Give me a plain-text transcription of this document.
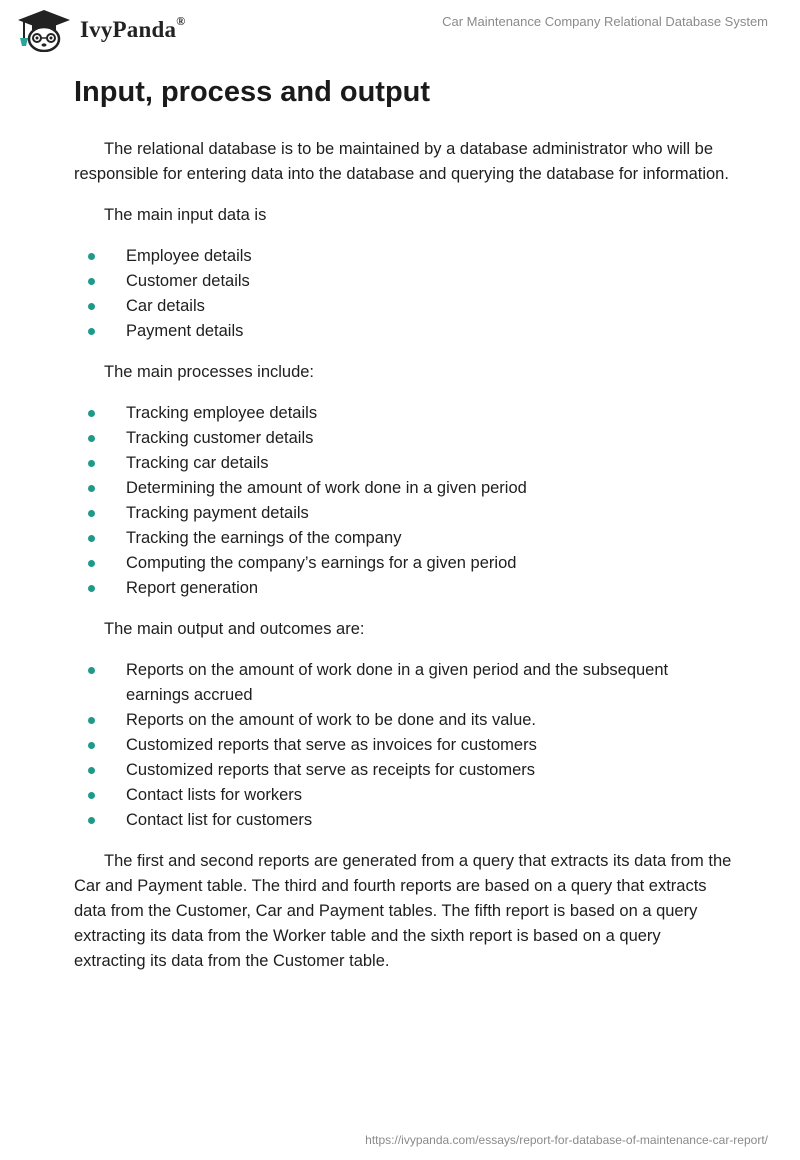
IvyPanda®	Car Maintenance Company Relational Database System
Input, process and output

The relational database is to be maintained by a database administrator who will be responsible for entering data into the database and querying the database for information.

The main input data is

Employee details
Customer details
Car details
Payment details

The main processes include:

Tracking employee details
Tracking customer details
Tracking car details
Determining the amount of work done in a given period
Tracking payment details
Tracking the earnings of the company
Computing the company’s earnings for a given period
Report generation

The main output and outcomes are:

Reports on the amount of work done in a given period and the subsequent earnings accrued
Reports on the amount of work to be done and its value.
Customized reports that serve as invoices for customers
Customized reports that serve as receipts for customers
Contact lists for workers
Contact list for customers

The first and second reports are generated from a query that extracts its data from the Car and Payment table. The third and fourth reports are based on a query that extracts data from the Customer, Car and Payment tables. The fifth report is based on a query extracting its data from the Worker table and the sixth report is based on a query extracting its data from the Customer table.

https://ivypanda.com/essays/report-for-database-of-maintenance-car-report/
